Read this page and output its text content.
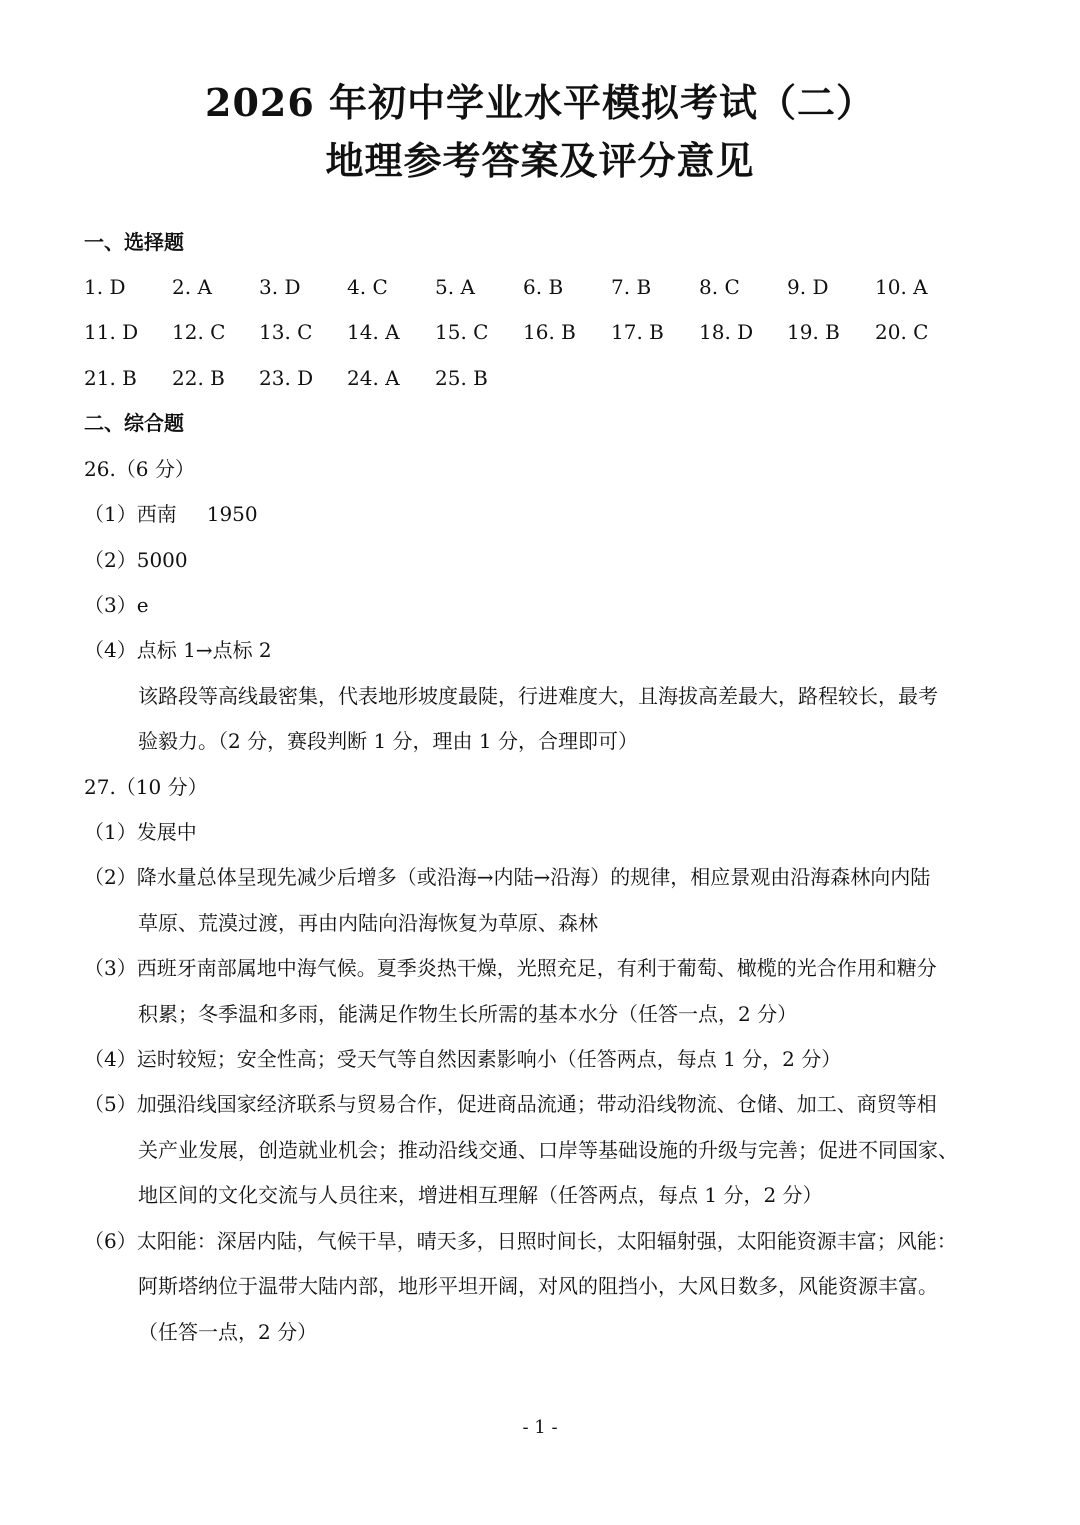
2026 年初中学业水平模拟考试（二）
地理参考答案及评分意见
一、选择题
1. D 2. A 3. D 4. C 5. A 6. B 7. B 8. C 9. D 10. A
11. D 12. C 13. C 14. A 15. C 16. B 17. B 18. D 19. B 20. C
21. B 22. B 23. D 24. A 25. B
二、综合题
26.（6 分）
（1）西南 1950
（2）5000
（3）e
（4）点标 1→点标 2
该路段等高线最密集，代表地形坡度最陡，行进难度大，且海拔高差最大，路程较长，最考
验毅力。（2 分，赛段判断 1 分，理由 1 分，合理即可）
27.（10 分）
（1）发展中
（2）降水量总体呈现先减少后增多（或沿海→内陆→沿海）的规律，相应景观由沿海森林向内陆
草原、荒漠过渡，再由内陆向沿海恢复为草原、森林
（3）西班牙南部属地中海气候。夏季炎热干燥，光照充足，有利于葡萄、橄榄的光合作用和糖分
积累；冬季温和多雨，能满足作物生长所需的基本水分（任答一点，2 分）
（4）运时较短；安全性高；受天气等自然因素影响小（任答两点，每点 1 分，2 分）
（5）加强沿线国家经济联系与贸易合作，促进商品流通；带动沿线物流、仓储、加工、商贸等相
关产业发展，创造就业机会；推动沿线交通、口岸等基础设施的升级与完善；促进不同国家、
地区间的文化交流与人员往来，增进相互理解（任答两点，每点 1 分，2 分）
（6）太阳能：深居内陆，气候干旱，晴天多，日照时间长，太阳辐射强，太阳能资源丰富；风能：
阿斯塔纳位于温带大陆内部，地形平坦开阔，对风的阻挡小，大风日数多，风能资源丰富。
（任答一点，2 分）
- 1 -
